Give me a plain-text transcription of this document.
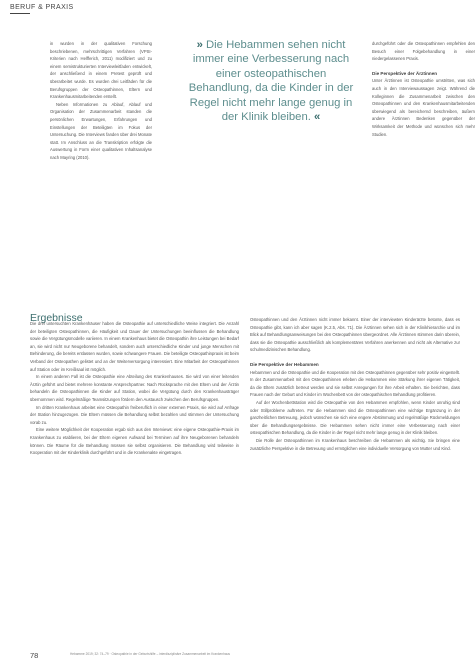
BERUF & PRAXIS

in wurden in der qualitativen Forschung beschriebenen, mehrschrittigen Verfahren (VPSI-Kriterien nach Helfferich, 2011) modifiziert und zu einem semistrukturierten Interviewleitfaden entwickelt, der anschließend in einem Pretest geprüft und überarbeitet wurde. Es wurden drei Leitfäden für die Berufsgruppen der Osteopathinnen, Eltern und Krankenhausmitarbeitenden erstellt.

Neben Informationen zu Ablauf, Ablauf und Organisation der Zusammenarbeit standen die persönlichen Erwartungen, Erfahrungen und Einstellungen der Beteiligten im Fokus der Untersuchung. Die Interviews fanden über drei Monate statt. Im Anschluss an die Transkription erfolgte die Auswertung in Form einer qualitativen Inhaltsanalyse nach Mayring (2010).

» Die Hebammen sehen nicht immer eine Verbesserung nach einer osteopathischen Behandlung, da die Kinder in der Regel nicht mehr lange genug in der Klinik bleiben. «

durchgeführt oder die Osteopathinnen empfehlen den Besuch einer Folgebehandlung in einer niedergelassenen Praxis.

Die Perspektive der Ärztinnen

Unter Ärztinnen ist Osteopathie umstritten, was sich auch in den Interviewaussagen zeigt. Während die Kolleginnen die Zusammenarbeit zwischen den Osteopathinnen und den Krankenhausmitarbeitenden überwiegend als bereichernd beschreiben, äußern andere Ärztinnen Bedenken gegenüber der Wirksamkeit der Methode und wünschen sich mehr Studien.

Ergebnisse

Die drei untersuchten Krankenhäuser haben die Osteopathie auf unterschiedliche Weise integriert. Die Anzahl der beteiligten Osteopathinnen, die Häufigkeit und Dauer der Untersuchungen beeinflussen die Behandlung sowie die Vergütungsmodelle variieren. In einem Krankenhaus bietet die Osteopathin ihre Leistungen bei Bedarf an, sie wird nicht nur Neugeborene behandelt, sondern auch unterschiedliche Kinder und junge Menschen mit Behinderung, die bereits entlassen wurden, sowie schwangere Frauen. Die beteiligte Osteopathinpraxis ist beim Verband der Osteopathen gelistet und an der Weiterversorgung interessiert. Eine Mitarbeit der Osteopathinnen auf Station oder im Kreißsaal ist möglich.

In einem anderen Fall ist die Osteopathie eine Abteilung des Krankenhauses. Sie wird von einer leitenden Ärztin geführt und bietet mehrere konstante Ansprechpartner. Nach Rücksprache mit den Eltern und der Ärztin behandeln die Osteopathinnen die Kinder auf Station, wobei die Vergütung durch den Krankenhausträger übernommen wird. Regelmäßige Teamsitzungen fördern den Austausch zwischen den Berufsgruppen.

Im dritten Krankenhaus arbeitet eine Osteopathin freiberuflich in einer externen Praxis, sie wird auf Anfrage der Station hinzugezogen. Die Eltern müssen die Behandlung selbst bezahlen und stimmen der Untersuchung vorab zu.

Eine weitere Möglichkeit der Kooperation ergab sich aus den Interviews: eine eigene Osteopathie-Praxis im Krankenhaus zu etablieren, bei der Eltern eigenen Aufwand bei Terminen auf ihre Neugeborenen behandeln können. Die Räume für die Behandlung müssen sie selbst organisieren. Die Behandlung wird teilweise in Kooperation mit der Kinderklinik durchgeführt und in die Krankenakte eingetragen.

Osteopathinnen und den Ärztinnen nicht immer bekannt. Einer der interviewten Kinderärzte betonte, dass es Osteopathie gibt, kann ich aber sagen (K.2.5, Abs. 71). Die Ärztinnen sehen sich in der Klinikhierarchie und im Blick auf Behandlungsanweisungen bei den Osteopathinnen übergeordnet. Alle Ärztinnen stimmen darin überein, dass sie die Osteopathie ausschließlich als komplementäres Verfahren anerkennen und nicht als Alternative zur schulmedizinischen Behandlung.

Die Perspektive der Hebammen

Hebammen und die Osteopathie und die Kooperation mit den Osteopathinnen gegenüber sehr positiv eingestellt. In der Zusammenarbeit mit den Osteopathinnen erleben die Hebammen eine Stärkung ihrer eigenen Tätigkeit, da die Eltern zusätzlich betreut werden und sie selbst Anregungen für ihre Arbeit erhalten. Sie berichten, dass Frauen nach der Geburt und Kinder im Wochenbett von der osteopathischen Behandlung profitieren.

Auf der Wochenbettstation wird die Osteopathie von den Hebammen empfohlen, wenn Kinder unruhig sind oder Stillprobleme auftreten. Für die Hebammen sind die Osteopathinnen eine wichtige Ergänzung in der ganzheitlichen Betreuung, jedoch wünschen sie sich eine engere Abstimmung und regelmäßige Rückmeldungen über die Behandlungsergebnisse. Die Hebammen sehen nicht immer eine Verbesserung nach einer osteopathischen Behandlung, da die Kinder in der Regel nicht mehr lange genug in der Klinik bleiben.

Die Rolle der Osteopathinnen im Krankenhaus beschreiben die Hebammen als wichtig. Sie bringen eine zusätzliche Perspektive in die Betreuung und ermöglichen eine individuelle Versorgung von Mutter und Kind.

78	Hebamme 2019; 32: 74–79 · Osteopathie in der Geburtshilfe – interdisziplinäre Zusammenarbeit im Krankenhaus
